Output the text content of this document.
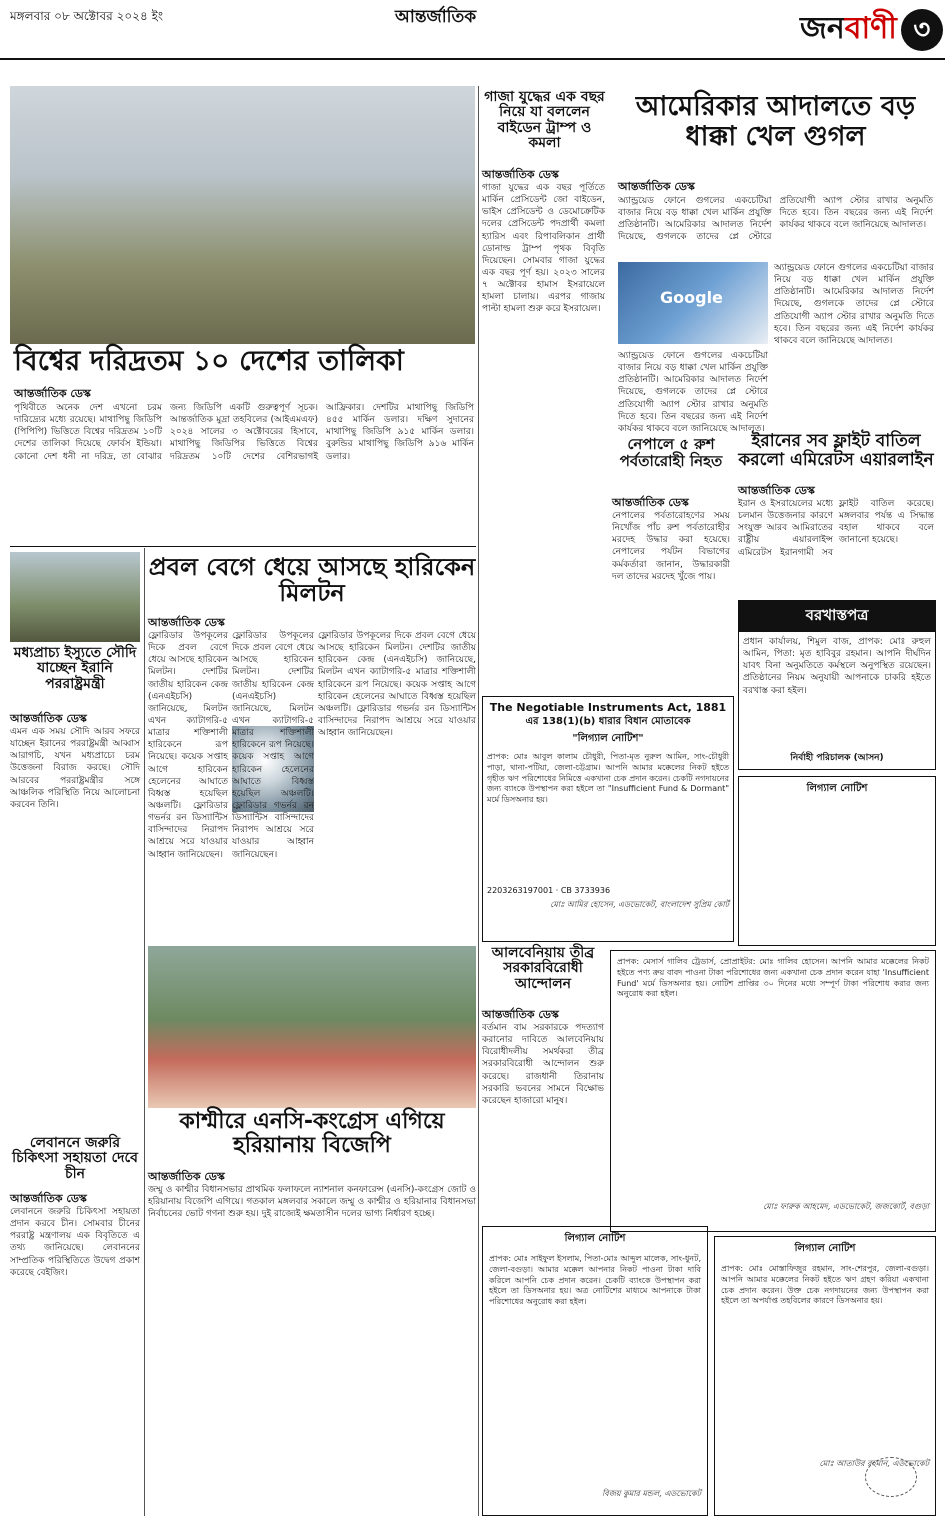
মঙ্গলবার ০৮ অক্টোবর ২০২৪ ইং	আন্তর্জাতিক	জনবাণী ৩
বিশ্বের দরিদ্রতম ১০ দেশের তালিকা
আন্তর্জাতিক ডেস্ক
পৃথিবীতে অনেক দেশ এখনো চরম দারিদ্র্যের মধ্যে রয়েছে। মাথাপিছু জিডিপি (পিপিপি) ভিত্তিতে বিশ্বের দরিদ্রতম ১০টি দেশের তালিকা দিয়েছে ফোর্বস ইন্ডিয়া। কোনো দেশ ধনী না দরিদ্র, তা বোঝার জন্য জিডিপি একটি গুরুত্বপূর্ণ সূচক। আন্তর্জাতিক মুদ্রা তহবিলের (আইএমএফ) ২০২৪ সালের ৩ অক্টোবরের হিসাবে, মাথাপিছু জিডিপির ভিত্তিতে বিশ্বের দরিদ্রতম ১০টি দেশের বেশিরভাগই আফ্রিকার। দেশটির মাথাপিছু জিডিপি ৪৫৫ মার্কিন ডলার। দক্ষিণ সুদানের মাথাপিছু জিডিপি ৯১৫ মার্কিন ডলার। বুরুন্ডির মাথাপিছু জিডিপি ৯১৬ মার্কিন ডলার।
গাজা যুদ্ধের এক বছর নিয়ে যা বললেন বাইডেন ট্রাম্প ও কমলা
আন্তর্জাতিক ডেস্ক
গাজা যুদ্ধের এক বছর পূর্তিতে মার্কিন প্রেসিডেন্ট জো বাইডেন, ভাইস প্রেসিডেন্ট ও ডেমোক্রেটিক দলের প্রেসিডেন্ট পদপ্রার্থী কমলা হ্যারিস এবং রিপাবলিকান প্রার্থী ডোনাল্ড ট্রাম্প পৃথক বিবৃতি দিয়েছেন। সোমবার গাজা যুদ্ধের এক বছর পূর্ণ হয়। ২০২৩ সালের ৭ অক্টোবর হামাস ইসরায়েলে হামলা চালায়। এরপর গাজায় পাল্টা হামলা শুরু করে ইসরায়েল।
আমেরিকার আদালতে বড় ধাক্কা খেল গুগল
আন্তর্জাতিক ডেস্ক
অ্যান্ড্রয়েড ফোনে গুগলের একচেটিয়া বাজার নিয়ে বড় ধাক্কা খেল মার্কিন প্রযুক্তি প্রতিষ্ঠানটি। আমেরিকার আদালত নির্দেশ দিয়েছে, গুগলকে তাদের প্লে স্টোরে প্রতিযোগী অ্যাপ স্টোর রাখার অনুমতি দিতে হবে। তিন বছরের জন্য এই নির্দেশ কার্যকর থাকবে বলে জানিয়েছে আদালত।
Google
অ্যান্ড্রয়েড ফোনে গুগলের একচেটিয়া বাজার নিয়ে বড় ধাক্কা খেল মার্কিন প্রযুক্তি প্রতিষ্ঠানটি। আমেরিকার আদালত নির্দেশ দিয়েছে, গুগলকে তাদের প্লে স্টোরে প্রতিযোগী অ্যাপ স্টোর রাখার অনুমতি দিতে হবে। তিন বছরের জন্য এই নির্দেশ কার্যকর থাকবে বলে জানিয়েছে আদালত।
অ্যান্ড্রয়েড ফোনে গুগলের একচেটিয়া বাজার নিয়ে বড় ধাক্কা খেল মার্কিন প্রযুক্তি প্রতিষ্ঠানটি। আমেরিকার আদালত নির্দেশ দিয়েছে, গুগলকে তাদের প্লে স্টোরে প্রতিযোগী অ্যাপ স্টোর রাখার অনুমতি দিতে হবে। তিন বছরের জন্য এই নির্দেশ কার্যকর থাকবে বলে জানিয়েছে আদালত।
নেপালে ৫ রুশ পর্বতারোহী নিহত
আন্তর্জাতিক ডেস্ক
নেপালের পর্বতারোহণের সময় নিখোঁজ পাঁচ রুশ পর্বতারোহীর মরদেহ উদ্ধার করা হয়েছে। নেপালের পর্যটন বিভাগের কর্মকর্তারা জানান, উদ্ধারকারী দল তাদের মরদেহ খুঁজে পায়।
ইরানের সব ফ্লাইট বাতিল করলো এমিরেটস এয়ারলাইন
আন্তর্জাতিক ডেস্ক
ইরান ও ইসরায়েলের মধ্যে চলমান উত্তেজনার কারণে সংযুক্ত আরব আমিরাতের রাষ্ট্রীয় এয়ারলাইন্স এমিরেটস ইরানগামী সব ফ্লাইট বাতিল করেছে। মঙ্গলবার পর্যন্ত এ সিদ্ধান্ত বহাল থাকবে বলে জানানো হয়েছে।
বরখাস্তপত্র
প্রধান কার্যালয়, শিমুল বাজ, প্রাপক: মোঃ রুহুল আমিন, পিতা: মৃত হাবিবুর রহমান। আপনি দীর্ঘদিন যাবৎ বিনা অনুমতিতে কর্মস্থলে অনুপস্থিত রয়েছেন। প্রতিষ্ঠানের নিয়ম অনুযায়ী আপনাকে চাকরি হইতে বরখাস্ত করা হইল।
নির্বাহী পরিচালক (আসন)
মধ্যপ্রাচ্য ইস্যুতে সৌদি যাচ্ছেন ইরানি পররাষ্ট্রমন্ত্রী
আন্তর্জাতিক ডেস্ক
এমন এক সময় সৌদি আরব সফরে যাচ্ছেন ইরানের পররাষ্ট্রমন্ত্রী আব্বাস আরাগচি, যখন মধ্যপ্রাচ্যে চরম উত্তেজনা বিরাজ করছে। সৌদি আরবের পররাষ্ট্রমন্ত্রীর সঙ্গে আঞ্চলিক পরিস্থিতি নিয়ে আলোচনা করবেন তিনি।
প্রবল বেগে ধেয়ে আসছে হারিকেন মিলটন
আন্তর্জাতিক ডেস্ক
ফ্লোরিডার উপকূলের দিকে প্রবল বেগে ধেয়ে আসছে হারিকেন মিলটন। দেশটির জাতীয় হারিকেন কেন্দ্র (এনএইচসি) জানিয়েছে, মিলটন এখন ক্যাটাগরি-৫ মাত্রার শক্তিশালী হারিকেনে রূপ নিয়েছে। কয়েক সপ্তাহ আগে হারিকেন হেলেনের আঘাতে বিধ্বস্ত হয়েছিল অঞ্চলটি। ফ্লোরিডার গভর্নর রন ডিস্যান্টিস বাসিন্দাদের নিরাপদ আশ্রয়ে সরে যাওয়ার আহ্বান জানিয়েছেন।
ফ্লোরিডার উপকূলের দিকে প্রবল বেগে ধেয়ে আসছে হারিকেন মিলটন। দেশটির জাতীয় হারিকেন কেন্দ্র (এনএইচসি) জানিয়েছে, মিলটন এখন ক্যাটাগরি-৫ মাত্রার শক্তিশালী হারিকেনে রূপ নিয়েছে। কয়েক সপ্তাহ আগে হারিকেন হেলেনের আঘাতে বিধ্বস্ত হয়েছিল অঞ্চলটি। ফ্লোরিডার গভর্নর রন ডিস্যান্টিস বাসিন্দাদের নিরাপদ আশ্রয়ে সরে যাওয়ার আহ্বান জানিয়েছেন।
ফ্লোরিডার উপকূলের দিকে প্রবল বেগে ধেয়ে আসছে হারিকেন মিলটন। দেশটির জাতীয় হারিকেন কেন্দ্র (এনএইচসি) জানিয়েছে, মিলটন এখন ক্যাটাগরি-৫ মাত্রার শক্তিশালী হারিকেনে রূপ নিয়েছে। কয়েক সপ্তাহ আগে হারিকেন হেলেনের আঘাতে বিধ্বস্ত হয়েছিল অঞ্চলটি। ফ্লোরিডার গভর্নর রন ডিস্যান্টিস বাসিন্দাদের নিরাপদ আশ্রয়ে সরে যাওয়ার আহ্বান জানিয়েছেন।
কাশ্মীরে এনসি-কংগ্রেস এগিয়ে হরিয়ানায় বিজেপি
আন্তর্জাতিক ডেস্ক
জম্মু ও কাশ্মীর বিধানসভার প্রাথমিক ফলাফলে ন্যাশনাল কনফারেন্স (এনসি)-কংগ্রেস জোট ও হরিয়ানায় বিজেপি এগিয়ে। গতকাল মঙ্গলবার সকালে জম্মু ও কাশ্মীর ও হরিয়ানার বিধানসভা নির্বাচনের ভোট গণনা শুরু হয়। দুই রাজ্যেই ক্ষমতাসীন দলের ভাগ্য নির্ধারণ হচ্ছে।
লেবাননে জরুরি চিকিৎসা সহায়তা দেবে চীন
আন্তর্জাতিক ডেস্ক
লেবাননে জরুরি চিকিৎসা সহায়তা প্রদান করবে চীন। সোমবার চীনের পররাষ্ট্র মন্ত্রণালয় এক বিবৃতিতে এ তথ্য জানিয়েছে। লেবাননের সাম্প্রতিক পরিস্থিতিতে উদ্বেগ প্রকাশ করেছে বেইজিং।
আলবেনিয়ায় তীব্র সরকারবিরোধী আন্দোলন
আন্তর্জাতিক ডেস্ক
বর্তমান বাম সরকারকে পদত্যাগ করানোর দাবিতে আলবেনিয়ায় বিরোধীদলীয় সমর্থকরা তীব্র সরকারবিরোধী আন্দোলন শুরু করেছে। রাজধানী তিরানায় সরকারি ভবনের সামনে বিক্ষোভ করেছেন হাজারো মানুষ।
The Negotiable Instruments Act, 1881
এর 138(1)(b) ধারার বিধান মোতাবেক
"লিগ্যাল নোটিশ"
প্রাপক: মোঃ আবুল কালাম চৌধুরী, পিতা-মৃত নুরুল আমিন, সাং-চৌধুরী পাড়া, থানা-পটিয়া, জেলা-চট্টগ্রাম। আপনি আমার মক্কেলের নিকট হইতে গৃহীত ঋণ পরিশোধের নিমিত্তে একখানা চেক প্রদান করেন। চেকটি নগদায়নের জন্য ব্যাংকে উপস্থাপন করা হইলে তা "Insufficient Fund & Dormant" মর্মে ডিসঅনার হয়।
2203263197001 · CB 3733936
মোঃ আমির হোসেন, এডভোকেট, বাংলাদেশ সুপ্রিম কোর্ট
লিগ্যাল নোটিশ
প্রাপক: মেসার্স গালিব ট্রেডার্স, প্রোপ্রাইটর: মোঃ গালিব হোসেন। আপনি আমার মক্কেলের নিকট হইতে পণ্য ক্রয় বাবদ পাওনা টাকা পরিশোধের জন্য একখানা চেক প্রদান করেন যাহা 'Insufficient Fund' মর্মে ডিসঅনার হয়। নোটিশ প্রাপ্তির ৩০ দিনের মধ্যে সম্পূর্ণ টাকা পরিশোধ করার জন্য অনুরোধ করা হইল।
মোঃ ফারুক আহমেদ, এডভোকেট, জজকোর্ট, বগুড়া
লিগ্যাল নোটিশ
প্রাপক: মোঃ সাইফুল ইসলাম, পিতা-মোঃ আব্দুল মালেক, সাং-ধুনট, জেলা-বগুড়া। আমার মক্কেল আপনার নিকট পাওনা টাকা দাবি করিলে আপনি চেক প্রদান করেন। চেকটি ব্যাংকে উপস্থাপন করা হইলে তা ডিসঅনার হয়। অত্র নোটিশের মাধ্যমে আপনাকে টাকা পরিশোধের অনুরোধ করা হইল।
বিজয় কুমার মন্ডল, এডভোকেট
লিগ্যাল নোটিশ
প্রাপক: মোঃ মোস্তাফিজুর রহমান, সাং-শেরপুর, জেলা-বগুড়া। আপনি আমার মক্কেলের নিকট হইতে ঋণ গ্রহণ করিয়া একখানা চেক প্রদান করেন। উক্ত চেক নগদায়নের জন্য উপস্থাপন করা হইলে তা অপর্যাপ্ত তহবিলের কারণে ডিসঅনার হয়।
মোঃ আতাউর রহমান, এডভোকেট
